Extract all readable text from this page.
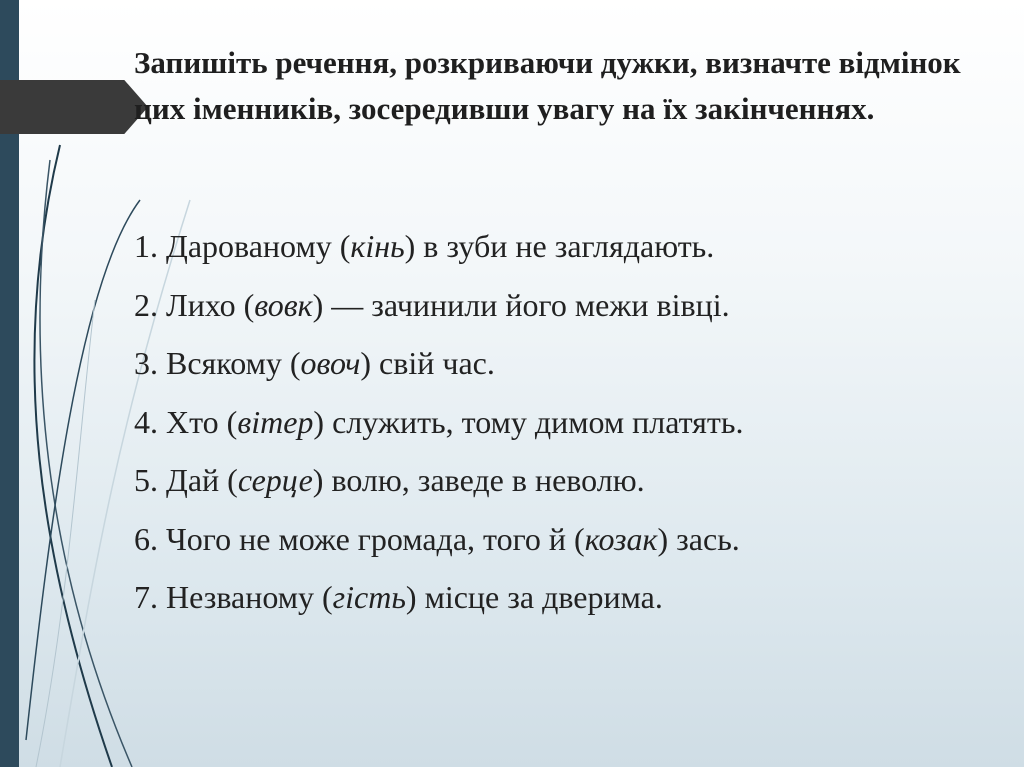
Запишіть речення, розкриваючи дужки, визначте відмінок цих іменників, зосередивши увагу на їх закінченнях.
1. Дарованому (кінь) в зуби не заглядають.
2. Лихо (вовк) — зачинили його межи вівці.
3. Всякому (овоч) свій час.
4. Хто (вітер) служить, тому димом платять.
5. Дай (серце) волю, заведе в неволю.
6. Чого не може громада, того й (козак) зась.
7. Незваному (гість) місце за дверима.
